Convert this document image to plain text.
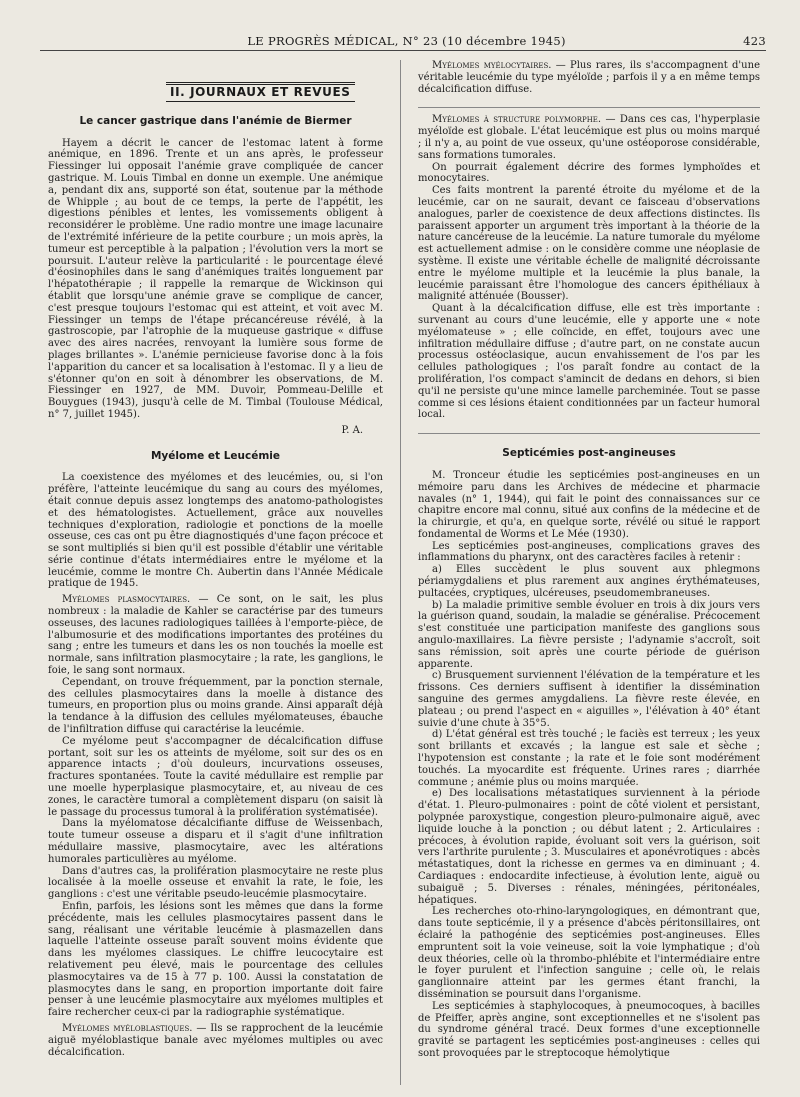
LE PROGRÈS MÉDICAL, N° 23 (10 décembre 1945)	423
II. JOURNAUX ET REVUES
Le cancer gastrique dans l'anémie de Biermer

Hayem a décrit le cancer de l'estomac latent à forme anémique, en 1896. Trente et un ans après, le professeur Fiessinger lui opposait l'anémie grave compliquée de cancer gastrique. M. Louis Timbal en donne un exemple. Une anémique a, pendant dix ans, supporté son état, soutenue par la méthode de Whipple ; au bout de ce temps, la perte de l'appétit, les digestions pénibles et lentes, les vomissements obligent à reconsidérer le problème. Une radio montre une image lacunaire de l'extrémité inférieure de la petite courbure ; un mois après, la tumeur est perceptible à la palpation ; l'évolution vers la mort se poursuit. L'auteur relève la particularité : le pourcentage élevé d'éosinophiles dans le sang d'anémiques traités longuement par l'hépatothérapie ; il rappelle la remarque de Wickinson qui établit que lorsqu'une anémie grave se complique de cancer, c'est presque toujours l'estomac qui est atteint, et voit avec M. Fiessinger un temps de l'étape précancéreuse révélé, à la gastroscopie, par l'atrophie de la muqueuse gastrique « diffuse avec des aires nacrées, renvoyant la lumière sous forme de plages brillantes ». L'anémie pernicieuse favorise donc à la fois l'apparition du cancer et sa localisation à l'estomac. Il y a lieu de s'étonner qu'on en soit à dénombrer les observations, de M. Fiessinger en 1927, de MM. Duvoir, Pommeau-Delille et Bouygues (1943), jusqu'à celle de M. Timbal (Toulouse Médical, n° 7, juillet 1945).

P. A.
Myélome et Leucémie

La coexistence des myélomes et des leucémies, ou, si l'on préfère, l'atteinte leucémique du sang au cours des myélomes, était connue depuis assez longtemps des anatomo-pathologistes et des hématologistes. Actuellement, grâce aux nouvelles techniques d'exploration, radiologie et ponctions de la moelle osseuse, ces cas ont pu être diagnostiqués d'une façon précoce et se sont multipliés si bien qu'il est possible d'établir une véritable série continue d'états intermédiaires entre le myélome et la leucémie, comme le montre Ch. Aubertin dans l'Année Médicale pratique de 1945.

Myélomes plasmocytaires. — Ce sont, on le sait, les plus nombreux : la maladie de Kahler se caractérise par des tumeurs osseuses, des lacunes radiologiques taillées à l'emporte-pièce, de l'albumosurie et des modifications importantes des protéines du sang ; entre les tumeurs et dans les os non touchés la moelle est normale, sans infiltration plasmocytaire ; la rate, les ganglions, le foie, le sang sont normaux.

Cependant, on trouve fréquemment, par la ponction sternale, des cellules plasmocytaires dans la moelle à distance des tumeurs, en proportion plus ou moins grande. Ainsi apparaît déjà la tendance à la diffusion des cellules myélomateuses, ébauche de l'infiltration diffuse qui caractérise la leucémie.

Ce myélome peut s'accompagner de décalcification diffuse portant, soit sur les os atteints de myélome, soit sur des os en apparence intacts ; d'où douleurs, incurvations osseuses, fractures spontanées. Toute la cavité médullaire est remplie par une moelle hyperplasique plasmocytaire, et, au niveau de ces zones, le caractère tumoral a complètement disparu (on saisit là le passage du processus tumoral à la prolifération systématisée).

Dans la myélomatose décalcifiante diffuse de Weissenbach, toute tumeur osseuse a disparu et il s'agit d'une infiltration médullaire massive, plasmocytaire, avec les altérations humorales particulières au myélome.

Dans d'autres cas, la prolifération plasmocytaire ne reste plus localisée à la moelle osseuse et envahit la rate, le foie, les ganglions : c'est une véritable pseudo-leucémie plasmocytaire.

Enfin, parfois, les lésions sont les mêmes que dans la forme précédente, mais les cellules plasmocytaires passent dans le sang, réalisant une véritable leucémie à plasmazellen dans laquelle l'atteinte osseuse paraît souvent moins évidente que dans les myélomes classiques. Le chiffre leucocytaire est relativement peu élevé, mais le pourcentage des cellules plasmocytaires va de 15 à 77 p. 100. Aussi la constatation de plasmocytes dans le sang, en proportion importante doit faire penser à une leucémie plasmocytaire aux myélomes multiples et faire rechercher ceux-ci par la radiographie systématique.

Myélomes myéloblastiques. — Ils se rapprochent de la leucémie aiguë myéloblastique banale avec myélomes multiples ou avec décalcification.

Myélomes myélocytaires. — Plus rares, ils s'accompagnent d'une véritable leucémie du type myéloïde ; parfois il y a en même temps décalcification diffuse.

Myélomes à structure polymorphe. — Dans ces cas, l'hyperplasie myéloïde est globale. L'état leucémique est plus ou moins marqué ; il n'y a, au point de vue osseux, qu'une ostéoporose considérable, sans formations tumorales.

On pourrait également décrire des formes lymphoïdes et monocytaires.

Ces faits montrent la parenté étroite du myélome et de la leucémie, car on ne saurait, devant ce faisceau d'observations analogues, parler de coexistence de deux affections distinctes. Ils paraissent apporter un argument très important à la théorie de la nature cancéreuse de la leucémie. La nature tumorale du myélome est actuellement admise : on le considère comme une néoplasie de système. Il existe une véritable échelle de malignité décroissante entre le myélome multiple et la leucémie la plus banale, la leucémie paraissant être l'homologue des cancers épithéliaux à malignité atténuée (Bousser).

Quant à la décalcification diffuse, elle est très importante : survenant au cours d'une leucémie, elle y apporte une « note myélomateuse » ; elle coïncide, en effet, toujours avec une infiltration médullaire diffuse ; d'autre part, on ne constate aucun processus ostéoclasique, aucun envahissement de l'os par les cellules pathologiques ; l'os paraît fondre au contact de la prolifération, l'os compact s'amincit de dedans en dehors, si bien qu'il ne persiste qu'une mince lamelle parcheminée. Tout se passe comme si ces lésions étaient conditionnées par un facteur humoral local.

Septicémies post-angineuses

M. Tronceur étudie les septicémies post-angineuses en un mémoire paru dans les Archives de médecine et pharmacie navales (n° 1, 1944), qui fait le point des connaissances sur ce chapitre encore mal connu, situé aux confins de la médecine et de la chirurgie, et qu'a, en quelque sorte, révélé ou situé le rapport fondamental de Worms et Le Mée (1930).

Les septicémies post-angineuses, complications graves des inflammations du pharynx, ont des caractères faciles à retenir :

a) Elles succèdent le plus souvent aux phlegmons périamygdaliens et plus rarement aux angines érythémateuses, pultacées, cryptiques, ulcéreuses, pseudomembraneuses.

b) La maladie primitive semble évoluer en trois à dix jours vers la guérison quand, soudain, la maladie se généralise. Précocement s'est constituée une participation manifeste des ganglions sous angulo-maxillaires. La fièvre persiste ; l'adynamie s'accroît, soit sans rémission, soit après une courte période de guérison apparente.

c) Brusquement surviennent l'élévation de la température et les frissons. Ces derniers suffisent à identifier la dissémination sanguine des germes amygdaliens. La fièvre reste élevée, en plateau ; ou prend l'aspect en « aiguilles », l'élévation à 40° étant suivie d'une chute à 35°5.

d) L'état général est très touché ; le faciès est terreux ; les yeux sont brillants et excavés ; la langue est sale et sèche ; l'hypotension est constante ; la rate et le foie sont modérément touchés. La myocardite est fréquente. Urines rares ; diarrhée commune ; anémie plus ou moins marquée.

e) Des localisations métastatiques surviennent à la période d'état. 1. Pleuro-pulmonaires : point de côté violent et persistant, polypnée paroxystique, congestion pleuro-pulmonaire aiguë, avec liquide louche à la ponction ; ou début latent ; 2. Articulaires : précoces, à évolution rapide, évoluant soit vers la guérison, soit vers l'arthrite purulente ; 3. Musculaires et aponévrotiques : abcès métastatiques, dont la richesse en germes va en diminuant ; 4. Cardiaques : endocardite infectieuse, à évolution lente, aiguë ou subaiguë ; 5. Diverses : rénales, méningées, péritonéales, hépatiques.

Les recherches oto-rhino-laryngologiques, en démontrant que, dans toute septicémie, il y a présence d'abcès péritonsillaires, ont éclairé la pathogénie des septicémies post-angineuses. Elles empruntent soit la voie veineuse, soit la voie lymphatique ; d'où deux théories, celle où la thrombo-phlébite et l'intermédiaire entre le foyer purulent et l'infection sanguine ; celle où, le relais ganglionnaire atteint par les germes étant franchi, la dissémination se poursuit dans l'organisme.

Les septicémies à staphylocoques, à pneumocoques, à bacilles de Pfeiffer, après angine, sont exceptionnelles et ne s'isolent pas du syndrome général tracé. Deux formes d'une exceptionnelle gravité se partagent les septicémies post-angineuses : celles qui sont provoquées par le streptocoque hémolytique
